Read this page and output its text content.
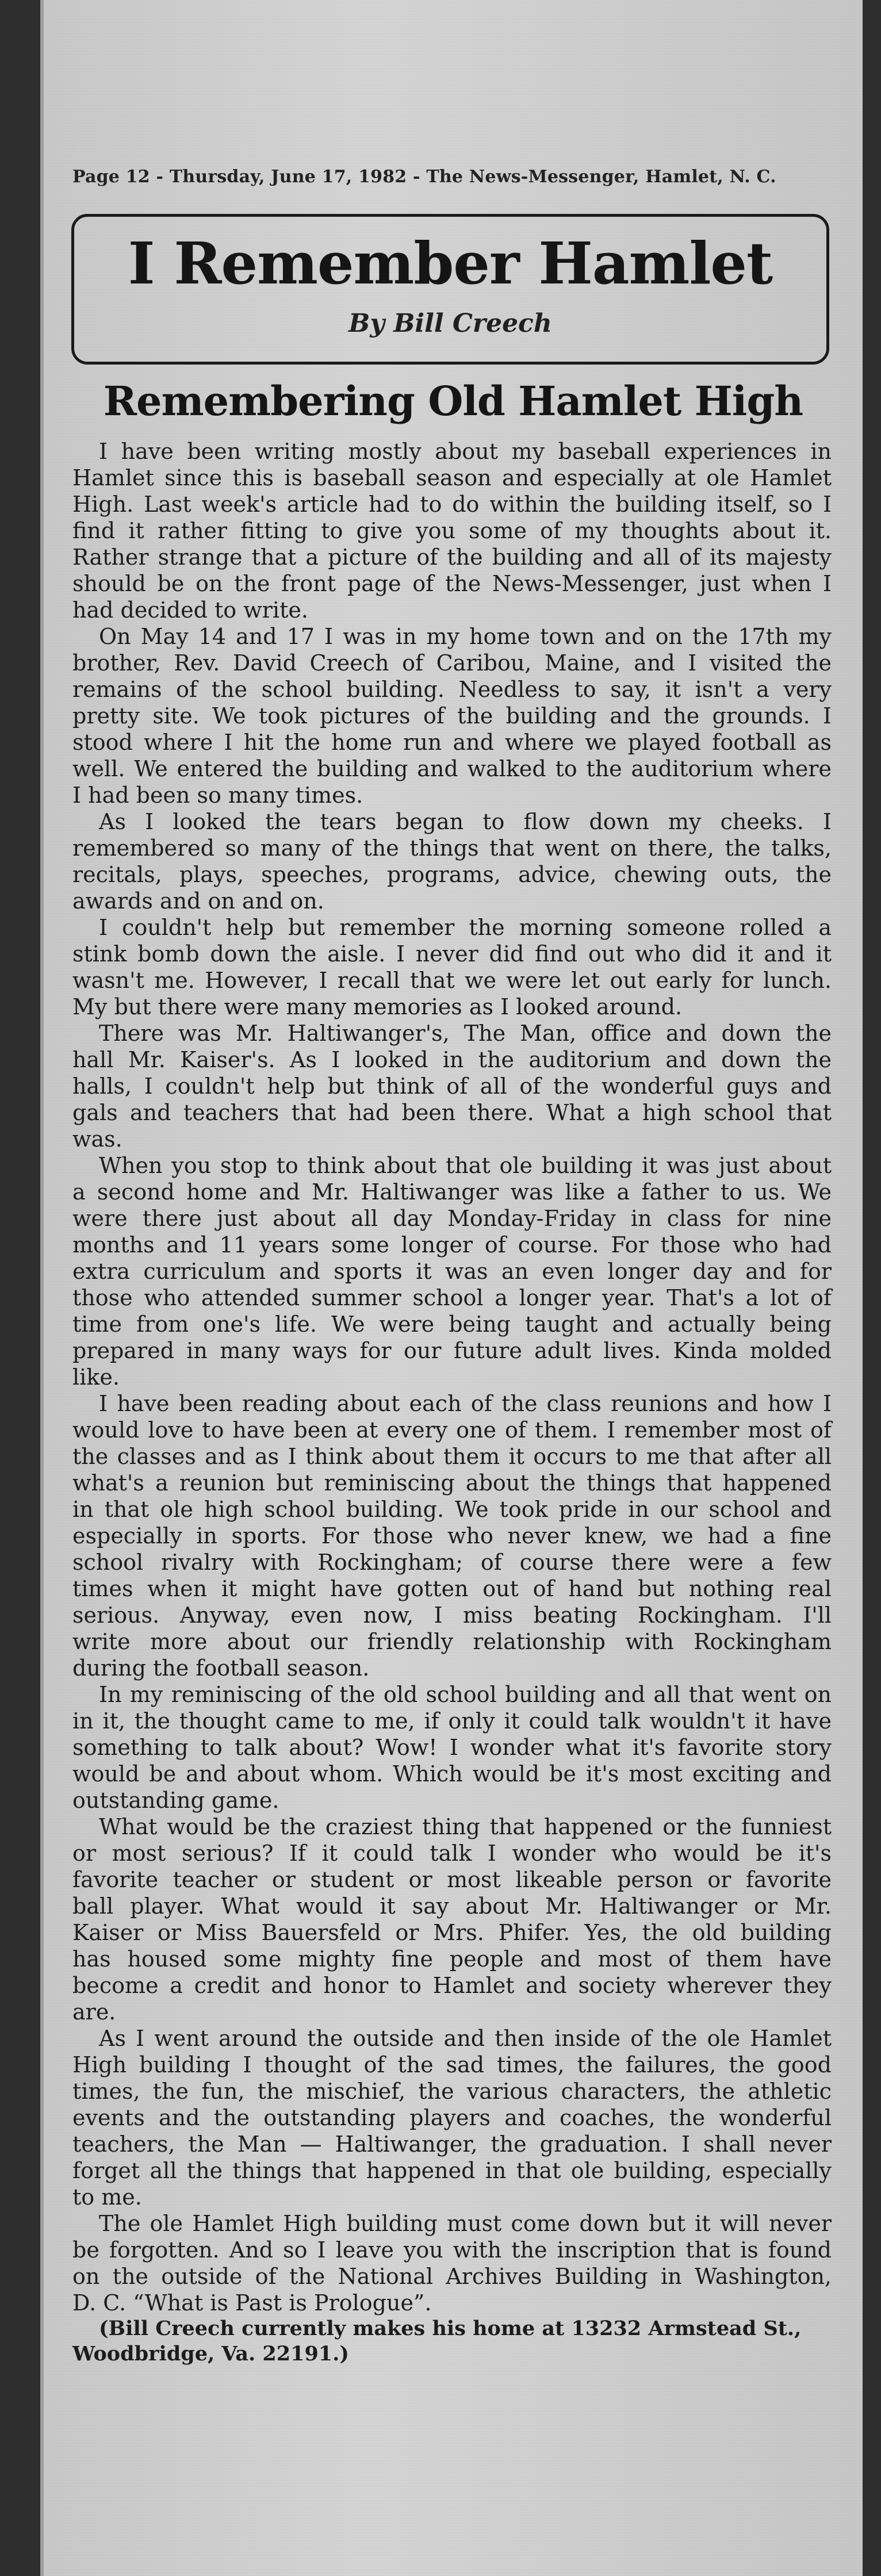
Page 12 - Thursday, June 17, 1982 - The News-Messenger, Hamlet, N. C.
I Remember Hamlet
By Bill Creech
Remembering Old Hamlet High

I have been writing mostly about my baseball experiences in

Hamlet since this is baseball season and especially at ole Hamlet

High. Last week's article had to do within the building itself, so I

find it rather fitting to give you some of my thoughts about it.

Rather strange that a picture of the building and all of its majesty

should be on the front page of the News-Messenger, just when I

had decided to write.

On May 14 and 17 I was in my home town and on the 17th my

brother, Rev. David Creech of Caribou, Maine, and I visited the

remains of the school building. Needless to say, it isn't a very

pretty site. We took pictures of the building and the grounds. I

stood where I hit the home run and where we played football as

well. We entered the building and walked to the auditorium where

I had been so many times.

As I looked the tears began to flow down my cheeks. I

remembered so many of the things that went on there, the talks,

recitals, plays, speeches, programs, advice, chewing outs, the

awards and on and on.

I couldn't help but remember the morning someone rolled a

stink bomb down the aisle. I never did find out who did it and it

wasn't me. However, I recall that we were let out early for lunch.

My but there were many memories as I looked around.

There was Mr. Haltiwanger's, The Man, office and down the

hall Mr. Kaiser's. As I looked in the auditorium and down the

halls, I couldn't help but think of all of the wonderful guys and

gals and teachers that had been there. What a high school that

was.

When you stop to think about that ole building it was just about

a second home and Mr. Haltiwanger was like a father to us. We

were there just about all day Monday-Friday in class for nine

months and 11 years some longer of course. For those who had

extra curriculum and sports it was an even longer day and for

those who attended summer school a longer year. That's a lot of

time from one's life. We were being taught and actually being

prepared in many ways for our future adult lives. Kinda molded

like.

I have been reading about each of the class reunions and how I

would love to have been at every one of them. I remember most of

the classes and as I think about them it occurs to me that after all

what's a reunion but reminiscing about the things that happened

in that ole high school building. We took pride in our school and

especially in sports. For those who never knew, we had a fine

school rivalry with Rockingham; of course there were a few

times when it might have gotten out of hand but nothing real

serious. Anyway, even now, I miss beating Rockingham. I'll

write more about our friendly relationship with Rockingham

during the football season.

In my reminiscing of the old school building and all that went on

in it, the thought came to me, if only it could talk wouldn't it have

something to talk about? Wow! I wonder what it's favorite story

would be and about whom. Which would be it's most exciting and

outstanding game.

What would be the craziest thing that happened or the funniest

or most serious? If it could talk I wonder who would be it's

favorite teacher or student or most likeable person or favorite

ball player. What would it say about Mr. Haltiwanger or Mr.

Kaiser or Miss Bauersfeld or Mrs. Phifer. Yes, the old building

has housed some mighty fine people and most of them have

become a credit and honor to Hamlet and society wherever they

are.

As I went around the outside and then inside of the ole Hamlet

High building I thought of the sad times, the failures, the good

times, the fun, the mischief, the various characters, the athletic

events and the outstanding players and coaches, the wonderful

teachers, the Man — Haltiwanger, the graduation. I shall never

forget all the things that happened in that ole building, especially

to me.

The ole Hamlet High building must come down but it will never

be forgotten. And so I leave you with the inscription that is found

on the outside of the National Archives Building in Washington,

D. C. “What is Past is Prologue”.

(Bill Creech currently makes his home at 13232 Armstead St.,

Woodbridge, Va. 22191.)
